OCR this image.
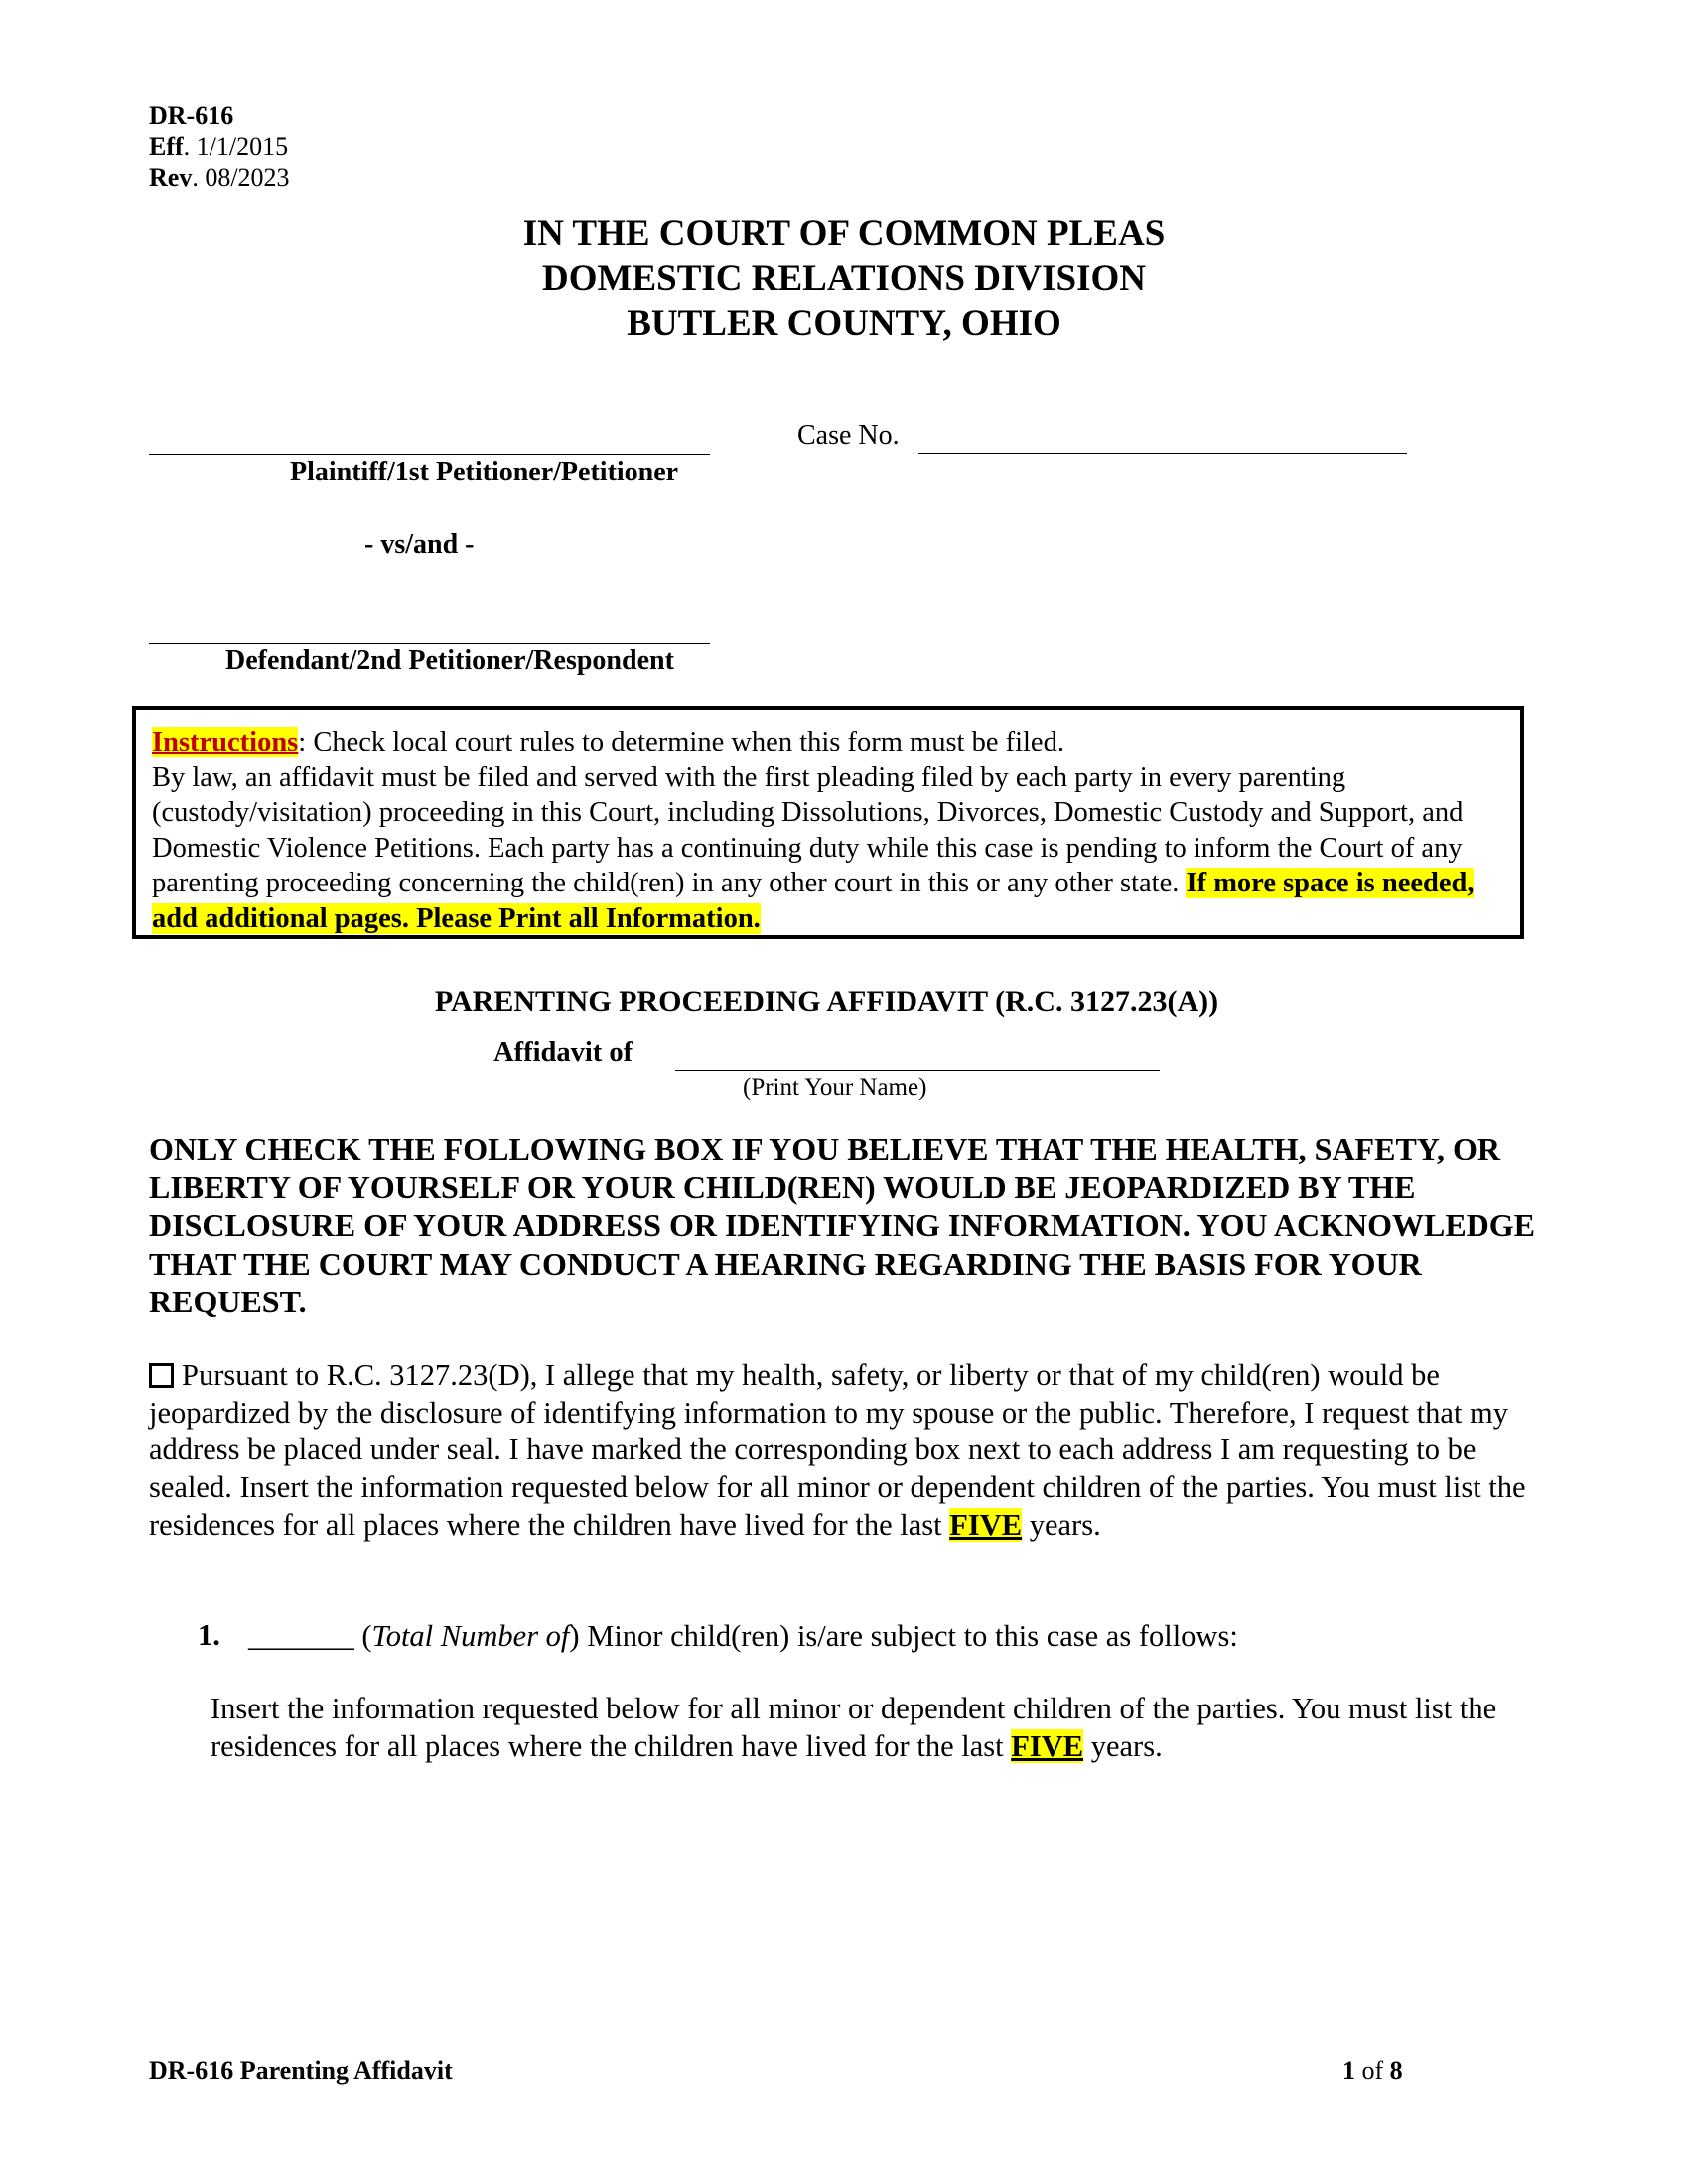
DR-616
Eff. 1/1/2015
Rev. 08/2023
IN THE COURT OF COMMON PLEAS
DOMESTIC RELATIONS DIVISION
BUTLER COUNTY, OHIO
Plaintiff/1st Petitioner/Petitioner
Case No.
- vs/and -
Defendant/2nd Petitioner/Respondent

Instructions: Check local court rules to determine when this form must be filed.

By law, an affidavit must be filed and served with the first pleading filed by each party in every parenting (custody/visitation) proceeding in this Court, including Dissolutions, Divorces, Domestic Custody and Support, and Domestic Violence Petitions. Each party has a continuing duty while this case is pending to inform the Court of any parenting proceeding concerning the child(ren) in any other court in this or any other state. If more space is needed, add additional pages. Please Print all Information.

PARENTING PROCEEDING AFFIDAVIT (R.C. 3127.23(A))
Affidavit of
(Print Your Name)
ONLY CHECK THE FOLLOWING BOX IF YOU BELIEVE THAT THE HEALTH, SAFETY, OR LIBERTY OF YOURSELF OR YOUR CHILD(REN) WOULD BE JEOPARDIZED BY THE DISCLOSURE OF YOUR ADDRESS OR IDENTIFYING INFORMATION. YOU ACKNOWLEDGE THAT THE COURT MAY CONDUCT A HEARING REGARDING THE BASIS FOR YOUR REQUEST.
Pursuant to R.C. 3127.23(D), I allege that my health, safety, or liberty or that of my child(ren) would be jeopardized by the disclosure of identifying information to my spouse or the public. Therefore, I request that my address be placed under seal. I have marked the corresponding box next to each address I am requesting to be sealed. Insert the information requested below for all minor or dependent children of the parties. You must list the residences for all places where the children have lived for the last FIVE years.
1. _______ (Total Number of) Minor child(ren) is/are subject to this case as follows:
Insert the information requested below for all minor or dependent children of the parties. You must list the residences for all places where the children have lived for the last FIVE years.
DR-616 Parenting Affidavit	1 of 8
